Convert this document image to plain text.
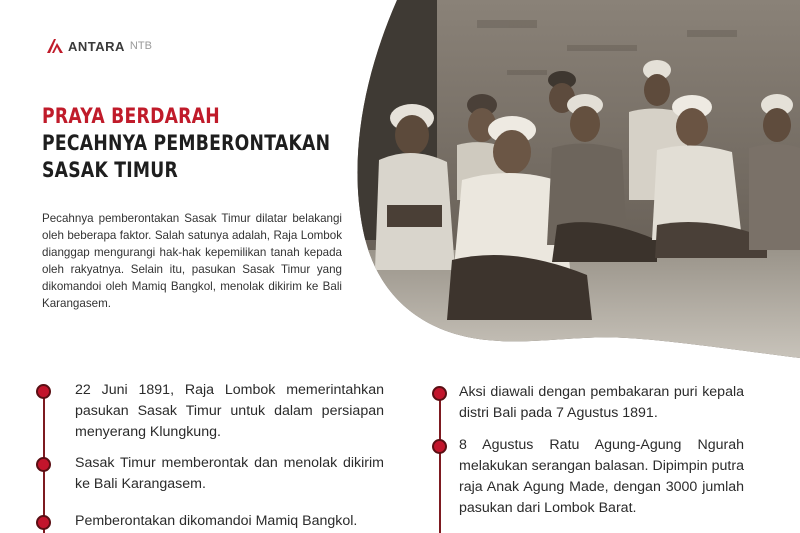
ANTARA NTB
PRAYA BERDARAH
PECAHNYA PEMBERONTAKAN
SASAK TIMUR

Pecahnya pemberontakan Sasak Timur dilatar belakangi oleh beberapa faktor. Salah satunya adalah, Raja Lombok dianggap mengurangi hak-hak kepemilikan tanah kepada oleh rakyatnya. Selain itu, pasukan Sasak Timur yang dikomandoi oleh Mamiq Bangkol, menolak dikirim ke Bali Karangasem.

22 Juni 1891, Raja Lombok memerintahkan pasukan Sasak Timur untuk dalam persiapan menyerang Klungkung.

Sasak Timur memberontak dan menolak dikirim ke Bali Karangasem.

Pemberontakan dikomandoi Mamiq Bangkol.

Aksi diawali dengan pembakaran puri kepala distri Bali pada 7 Agustus 1891.

8 Agustus Ratu Agung-Agung Ngurah melakukan serangan balasan. Dipimpin putra raja Anak Agung Made, dengan 3000 jumlah pasukan dari Lombok Barat.
